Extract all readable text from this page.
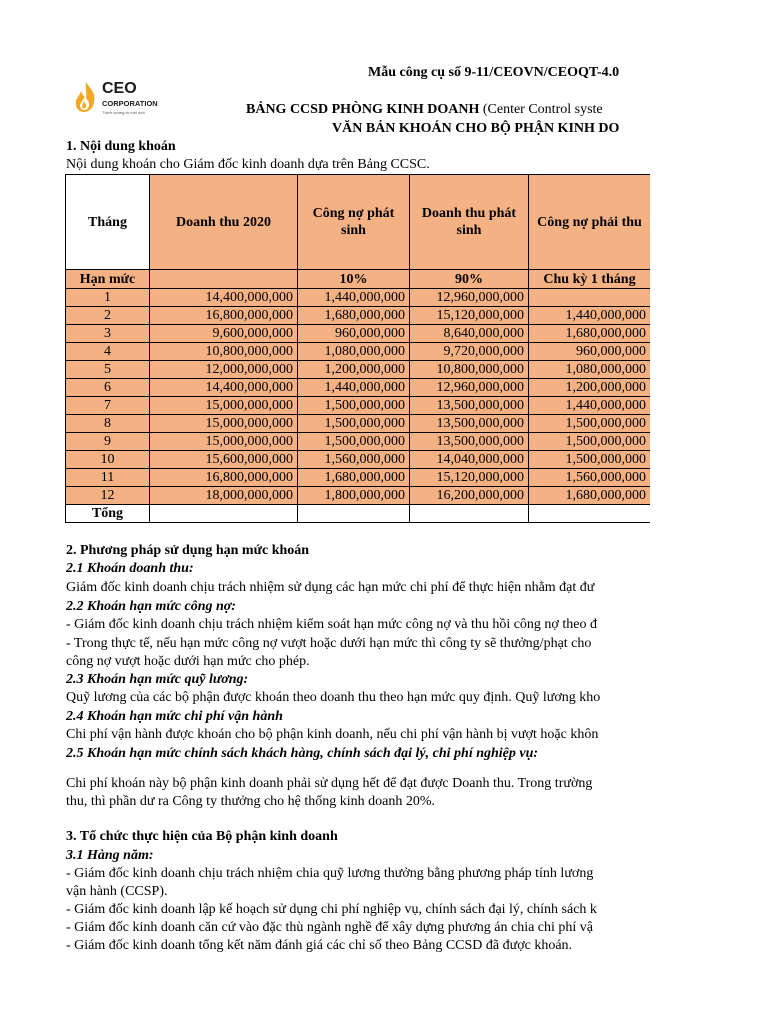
CEO
CORPORATION
Thịnh vượng từ mọi nhà
Mẫu công cụ số 9-11/CEOVN/CEOQT-4.0
BẢNG CCSD PHÒNG KINH DOANH (Center Control syste
VĂN BẢN KHOÁN CHO BỘ PHẬN KINH DO
1. Nội dung khoán
Nội dung khoán cho Giám đốc kinh doanh dựa trên Bảng CCSC.
Tháng	Doanh thu 2020	Công nợ phát sinh	Doanh thu phát sinh	Công nợ phải thu
Hạn mức		10%	90%	Chu kỳ 1 tháng
1	14,400,000,000	1,440,000,000	12,960,000,000	
2	16,800,000,000	1,680,000,000	15,120,000,000	1,440,000,000
3	9,600,000,000	960,000,000	8,640,000,000	1,680,000,000
4	10,800,000,000	1,080,000,000	9,720,000,000	960,000,000
5	12,000,000,000	1,200,000,000	10,800,000,000	1,080,000,000
6	14,400,000,000	1,440,000,000	12,960,000,000	1,200,000,000
7	15,000,000,000	1,500,000,000	13,500,000,000	1,440,000,000
8	15,000,000,000	1,500,000,000	13,500,000,000	1,500,000,000
9	15,000,000,000	1,500,000,000	13,500,000,000	1,500,000,000
10	15,600,000,000	1,560,000,000	14,040,000,000	1,500,000,000
11	16,800,000,000	1,680,000,000	15,120,000,000	1,560,000,000
12	18,000,000,000	1,800,000,000	16,200,000,000	1,680,000,000
Tổng				
2. Phương pháp sử dụng hạn mức khoán
2.1 Khoán doanh thu:
Giám đốc kinh doanh chịu trách nhiệm sử dụng các hạn mức chi phí để thực hiện nhằm đạt đư
2.2 Khoán hạn mức công nợ:
- Giám đốc kinh doanh chịu trách nhiệm kiểm soát hạn mức công nợ và thu hồi công nợ theo đ
- Trong thực tế, nếu hạn mức công nợ vượt hoặc dưới hạn mức thì công ty sẽ thưởng/phạt cho
công nợ vượt hoặc dưới hạn mức cho phép.
2.3 Khoán hạn mức quỹ lương:
Quỹ lương của các bộ phận được khoán theo doanh thu theo hạn mức quy định. Quỹ lương kho
2.4 Khoán hạn mức chi phí vận hành
Chi phí vận hành được khoán cho bộ phận kinh doanh, nếu chi phí vận hành bị vượt hoặc khôn
2.5 Khoán hạn mức chính sách khách hàng, chính sách đại lý, chi phí nghiệp vụ:
Chi phí khoán này bộ phận kinh doanh phải sử dụng hết để đạt được Doanh thu. Trong trường
thu, thì phần dư ra Công ty thưởng cho hệ thống kinh doanh 20%.
3. Tổ chức thực hiện của Bộ phận kinh doanh
3.1 Hàng năm:
- Giám đốc kinh doanh chịu trách nhiệm chia quỹ lương thưởng bằng phương pháp tính lương
vận hành (CCSP).
- Giám đốc kinh doanh lập kế hoạch sử dụng chi phí nghiệp vụ, chính sách đại lý, chính sách k
- Giám đốc kinh doanh căn cứ vào đặc thù ngành nghề để xây dựng phương án chia chi phí vậ
- Giám đốc kinh doanh tổng kết năm đánh giá các chỉ số theo Bảng CCSD đã được khoán.
